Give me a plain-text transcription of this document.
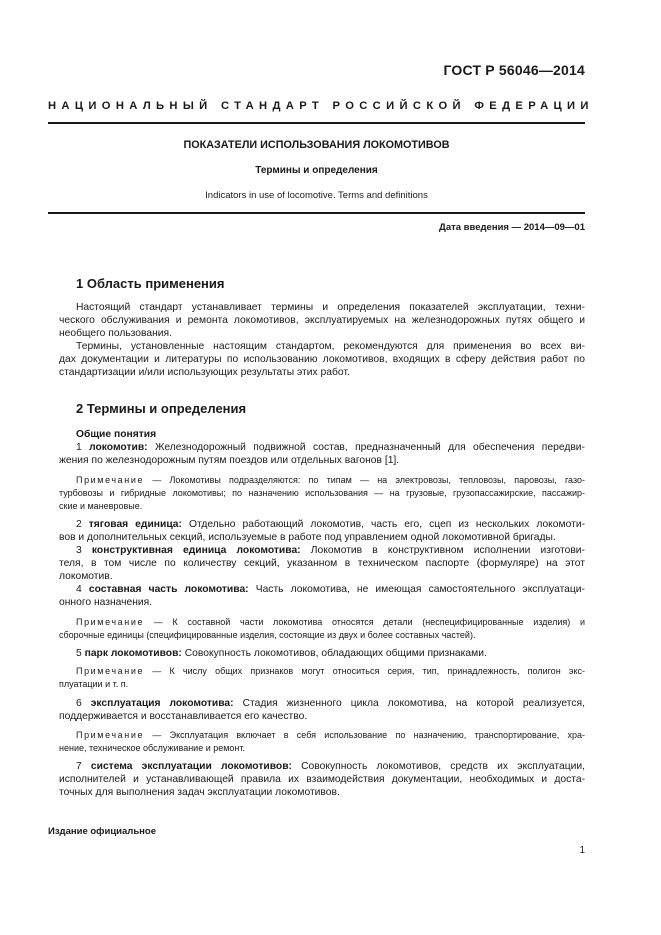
ГОСТ Р 56046—2014
НАЦИОНАЛЬНЫЙ СТАНДАРТ РОССИЙСКОЙ ФЕДЕРАЦИИ
ПОКАЗАТЕЛИ ИСПОЛЬЗОВАНИЯ ЛОКОМОТИВОВ
Термины и определения
Indicators in use of locomotive. Terms and definitions
Дата введения — 2014—09—01
1 Область применения
Настоящий стандарт устанавливает термины и определения показателей эксплуатации, техни-
ческого обслуживания и ремонта локомотивов, эксплуатируемых на железнодорожных путях общего и
необщего пользования.
Термины, установленные настоящим стандартом, рекомендуются для применения во всех ви-
дах документации и литературы по использованию локомотивов, входящих в сферу действия работ по
стандартизации и/или использующих результаты этих работ.
2 Термины и определения
Общие понятия
1 локомотив: Железнодорожный подвижной состав, предназначенный для обеспечения передви-
жения по железнодорожным путям поездов или отдельных вагонов [1].
Примечание — Локомотивы подразделяются: по типам — на электровозы, тепловозы, паровозы, газо-
турбовозы и гибридные локомотивы; по назначению использования — на грузовые, грузопассажирские, пассажир-
ские и маневровые.
2 тяговая единица: Отдельно работающий локомотив, часть его, сцеп из нескольких локомоти-
вов и дополнительных секций, используемые в работе под управлением одной локомотивной бригады.
3 конструктивная единица локомотива: Локомотив в конструктивном исполнении изготови-
теля, в том числе по количеству секций, указанном в техническом паспорте (формуляре) на этот
локомотив.
4 составная часть локомотива: Часть локомотива, не имеющая самостоятельного эксплуатаци-
онного назначения.
Примечание — К составной части локомотива относятся детали (неспецифицированные изделия) и
сборочные единицы (специфицированные изделия, состоящие из двух и более составных частей).
5 парк локомотивов: Совокупность локомотивов, обладающих общими признаками.
Примечание — К числу общих признаков могут относиться серия, тип, принадлежность, полигон экс-
плуатации и т. п.
6 эксплуатация локомотива: Стадия жизненного цикла локомотива, на которой реализуется,
поддерживается и восстанавливается его качество.
Примечание — Эксплуатация включает в себя использование по назначению, транспортирование, хра-
нение, техническое обслуживание и ремонт.
7 система эксплуатации локомотивов: Совокупность локомотивов, средств их эксплуатации,
исполнителей и устанавливающей правила их взаимодействия документации, необходимых и доста-
точных для выполнения задач эксплуатации локомотивов.
Издание официальное
1
